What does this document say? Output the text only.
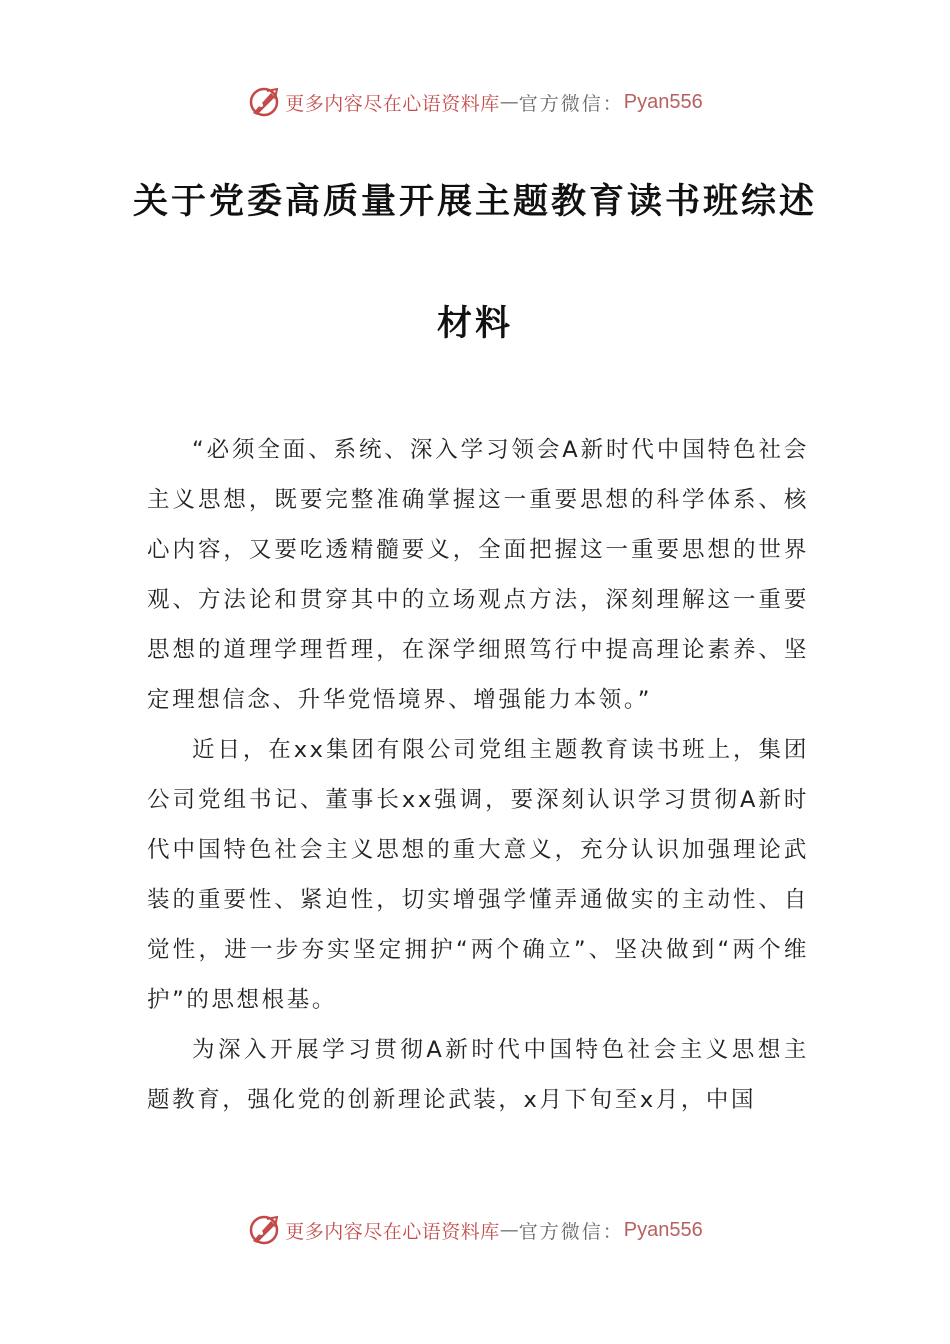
更多内容尽在心语资料库 — 官方微信： Pyan556
关于党委高质量开展主题教育读书班综述
材料

“必须全面、系统、深入学习领会A新时代中国特色社会主义思想，既要完整准确掌握这一重要思想的科学体系、核心内容，又要吃透精髓要义，全面把握这一重要思想的世界观、方法论和贯穿其中的立场观点方法，深刻理解这一重要思想的道理学理哲理，在深学细照笃行中提高理论素养、坚定理想信念、升华党悟境界、增强能力本领。”

近日，在xx集团有限公司党组主题教育读书班上，集团公司党组书记、董事长xx强调，要深刻认识学习贯彻A新时代中国特色社会主义思想的重大意义，充分认识加强理论武装的重要性、紧迫性，切实增强学懂弄通做实的主动性、自觉性，进一步夯实坚定拥护“两个确立”、坚决做到“两个维护”的思想根基。

为深入开展学习贯彻A新时代中国特色社会主义思想主题教育，强化党的创新理论武装，x月下旬至x月，中国

更多内容尽在心语资料库 — 官方微信： Pyan556
